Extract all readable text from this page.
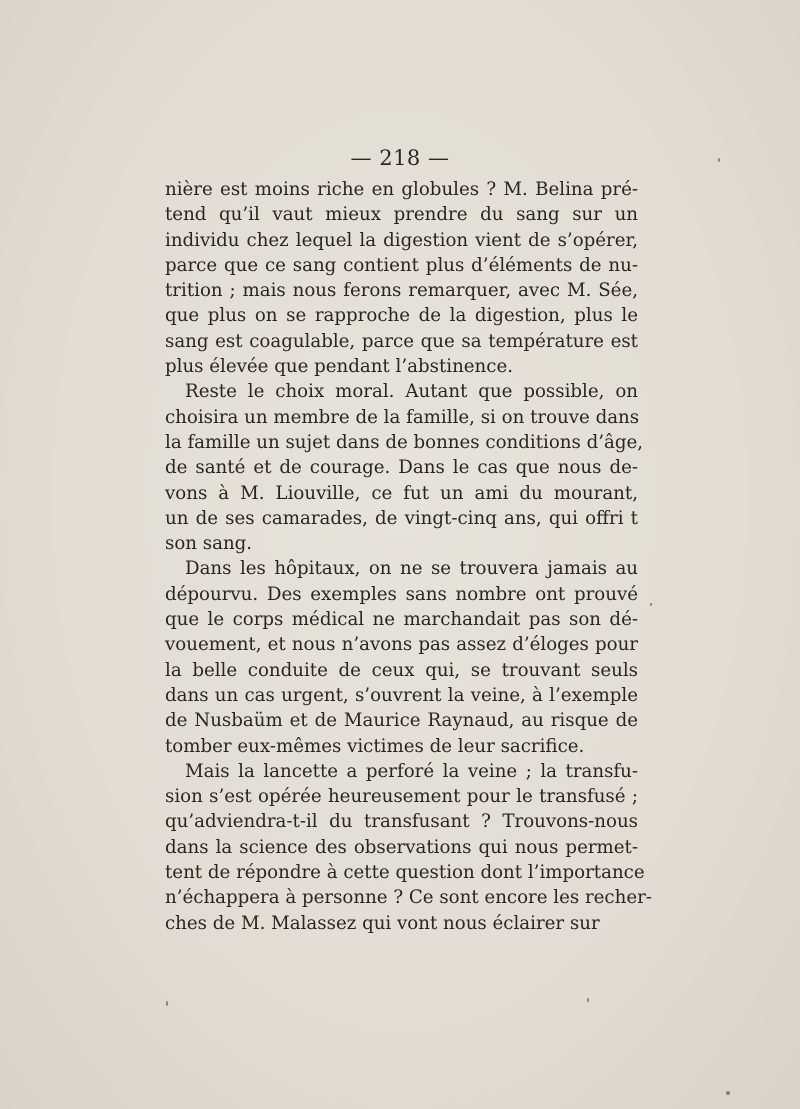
— 218 —
nière est moins riche en globules ? M. Belina pré-
tend qu’il vaut mieux prendre du sang sur un
individu chez lequel la digestion vient de s’opérer,
parce que ce sang contient plus d’éléments de nu-
trition ; mais nous ferons remarquer, avec M. Sée,
que plus on se rapproche de la digestion, plus le
sang est coagulable, parce que sa température est
plus élevée que pendant l’abstinence.
Reste le choix moral. Autant que possible, on
choisira un membre de la famille, si on trouve dans
la famille un sujet dans de bonnes conditions d’âge,
de santé et de courage. Dans le cas que nous de-
vons à M. Liouville, ce fut un ami du mourant,
un de ses camarades, de vingt-cinq ans, qui offri t
son sang.
Dans les hôpitaux, on ne se trouvera jamais au
dépourvu. Des exemples sans nombre ont prouvé
que le corps médical ne marchandait pas son dé-
vouement, et nous n’avons pas assez d’éloges pour
la belle conduite de ceux qui, se trouvant seuls
dans un cas urgent, s’ouvrent la veine, à l’exemple
de Nusbaüm et de Maurice Raynaud, au risque de
tomber eux-mêmes victimes de leur sacrifice.
Mais la lancette a perforé la veine ; la transfu-
sion s’est opérée heureusement pour le transfusé ;
qu’adviendra-t-il du transfusant ? Trouvons-nous
dans la science des observations qui nous permet-
tent de répondre à cette question dont l’importance
n’échappera à personne ? Ce sont encore les recher-
ches de M. Malassez qui vont nous éclairer sur
